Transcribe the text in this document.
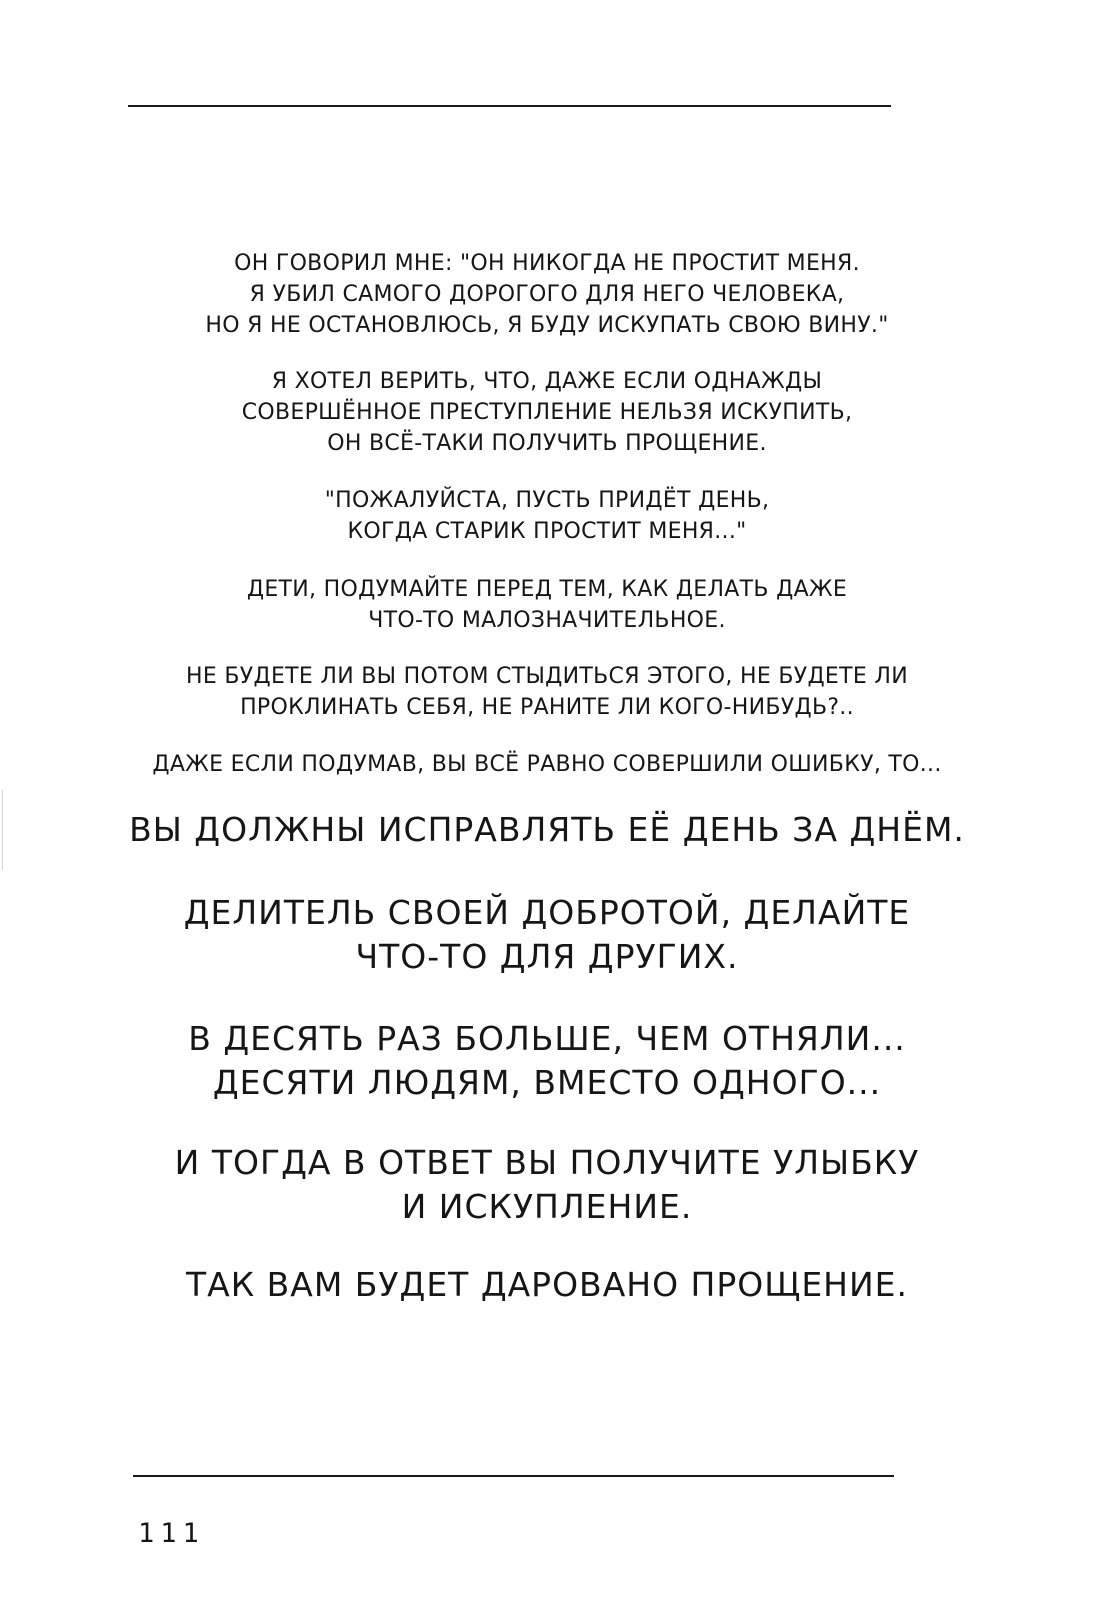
ОН ГОВОРИЛ МНЕ: "ОН НИКОГДА НЕ ПРОСТИТ МЕНЯ.
Я УБИЛ САМОГО ДОРОГОГО ДЛЯ НЕГО ЧЕЛОВЕКА,
НО Я НЕ ОСТАНОВЛЮСЬ, Я БУДУ ИСКУПАТЬ СВОЮ ВИНУ."
Я ХОТЕЛ ВЕРИТЬ, ЧТО, ДАЖЕ ЕСЛИ ОДНАЖДЫ
СОВЕРШЁННОЕ ПРЕСТУПЛЕНИЕ НЕЛЬЗЯ ИСКУПИТЬ,
ОН ВСЁ-ТАКИ ПОЛУЧИТЬ ПРОЩЕНИЕ.
"ПОЖАЛУЙСТА, ПУСТЬ ПРИДЁТ ДЕНЬ,
КОГДА СТАРИК ПРОСТИТ МЕНЯ..."
ДЕТИ, ПОДУМАЙТЕ ПЕРЕД ТЕМ, КАК ДЕЛАТЬ ДАЖЕ
ЧТО-ТО МАЛОЗНАЧИТЕЛЬНОЕ.
НЕ БУДЕТЕ ЛИ ВЫ ПОТОМ СТЫДИТЬСЯ ЭТОГО, НЕ БУДЕТЕ ЛИ
ПРОКЛИНАТЬ СЕБЯ, НЕ РАНИТЕ ЛИ КОГО-НИБУДЬ?..
ДАЖЕ ЕСЛИ ПОДУМАВ, ВЫ ВСЁ РАВНО СОВЕРШИЛИ ОШИБКУ, ТО...
ВЫ ДОЛЖНЫ ИСПРАВЛЯТЬ ЕЁ ДЕНЬ ЗА ДНЁМ.
ДЕЛИТЕЛЬ СВОЕЙ ДОБРОТОЙ, ДЕЛАЙТЕ
ЧТО-ТО ДЛЯ ДРУГИХ.
В ДЕСЯТЬ РАЗ БОЛЬШЕ, ЧЕМ ОТНЯЛИ...
ДЕСЯТИ ЛЮДЯМ, ВМЕСТО ОДНОГО...
И ТОГДА В ОТВЕТ ВЫ ПОЛУЧИТЕ УЛЫБКУ
И ИСКУПЛЕНИЕ.
ТАК ВАМ БУДЕТ ДАРОВАНО ПРОЩЕНИЕ.

111
